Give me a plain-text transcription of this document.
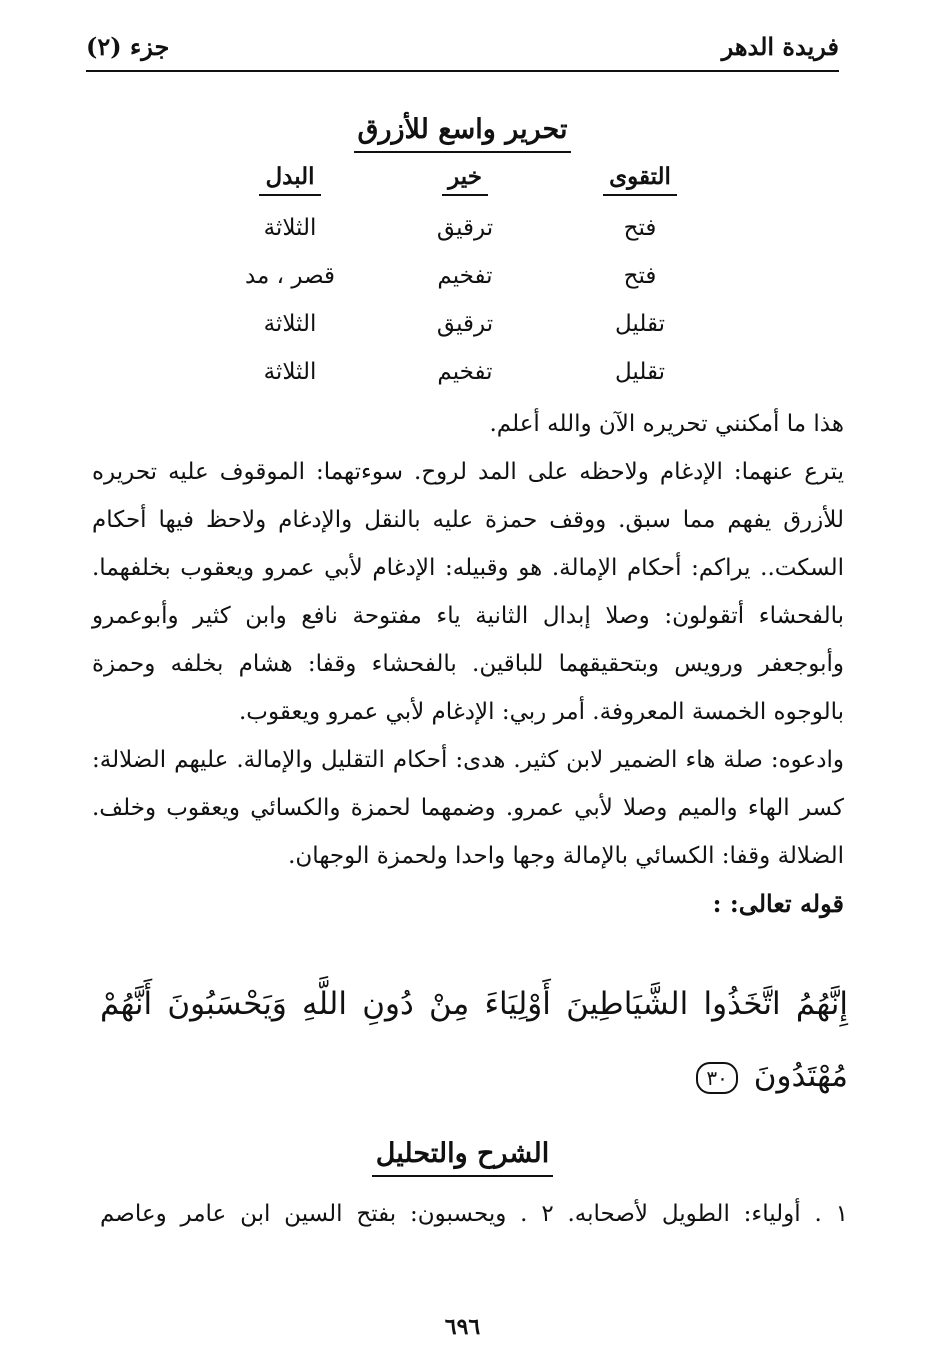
فريدة الدهر
جزء (٢)
تحرير واسع للأزرق
التقوى
خير
البدل
فتح
ترقيق
الثلاثة
فتح
تفخيم
قصر ، مد
تقليل
ترقيق
الثلاثة
تقليل
تفخيم
الثلاثة

هذا ما أمكنني تحريره الآن والله أعلم.

يترع عنهما: الإدغام ولاحظه على المد لروح. سوءتهما: الموقوف عليه تحريره للأزرق يفهم مما سبق. ووقف حمزة عليه بالنقل والإدغام ولاحظ فيها أحكام السكت.. يراكم: أحكام الإمالة. هو وقبيله: الإدغام لأبي عمرو ويعقوب بخلفهما. بالفحشاء أتقولون: وصلا إبدال الثانية ياء مفتوحة نافع وابن كثير وأبوعمرو وأبوجعفر ورويس وبتحقيقهما للباقين. بالفحشاء وقفا: هشام بخلفه وحمزة بالوجوه الخمسة المعروفة. أمر ربي: الإدغام لأبي عمرو ويعقوب.

وادعوه: صلة هاء الضمير لابن كثير. هدى: أحكام التقليل والإمالة. عليهم الضلالة: كسر الهاء والميم وصلا لأبي عمرو. وضمهما لحمزة والكسائي ويعقوب وخلف. الضلالة وقفا: الكسائي بالإمالة وجها واحدا ولحمزة الوجهان.

قوله تعالى: :

إِنَّهُمُ اتَّخَذُوا الشَّيَاطِينَ أَوْلِيَاءَ مِنْ دُونِ اللَّهِ وَيَحْسَبُونَ أَنَّهُمْ مُهْتَدُونَ ٣٠
الشرح والتحليل
١ . أولياء: الطويل لأصحابه. ٢ . ويحسبون: بفتح السين ابن عامر وعاصم
٦٩٦
